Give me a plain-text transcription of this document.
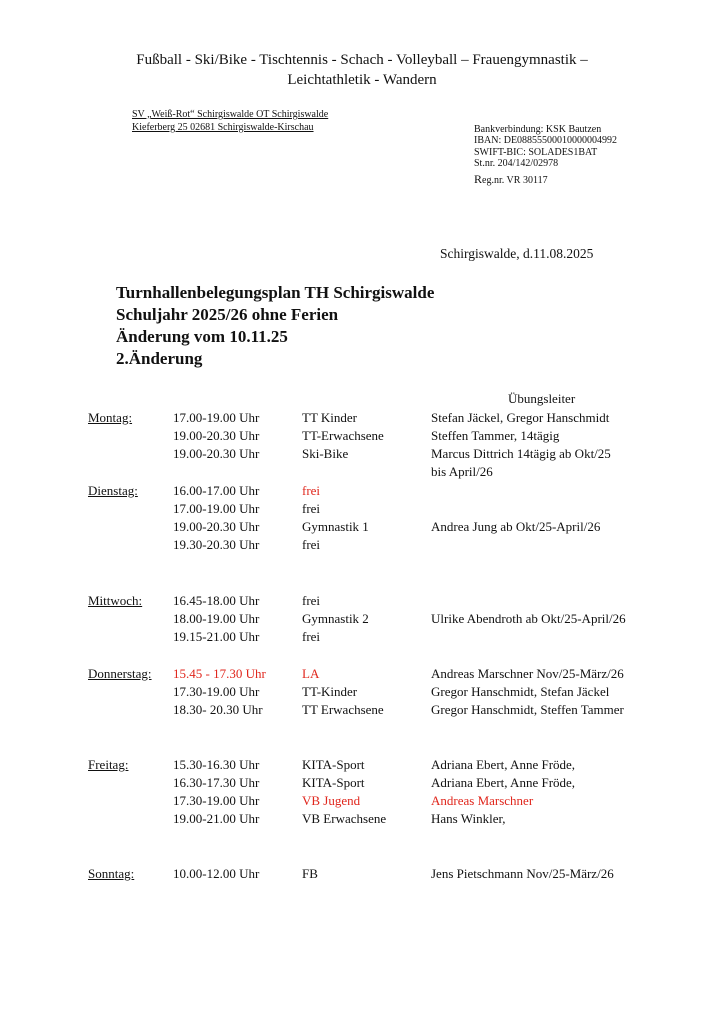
Fußball - Ski/Bike - Tischtennis - Schach - Volleyball – Frauengymnastik –
Leichtathletik - Wandern
SV „Weiß-Rot“ Schirgiswalde OT Schirgiswalde
Kieferberg 25 02681 Schirgiswalde-Kirschau	Bankverbindung: KSK Bautzen
IBAN: DE08855500010000004992
SWIFT-BIC: SOLADES1BAT
St.nr. 204/142/02978
Reg.nr. VR 30117
Schirgiswalde, d.11.08.2025
Turnhallenbelegungsplan TH Schirgiswalde
Schuljahr 2025/26 ohne Ferien
Änderung vom 10.11.25
2.Änderung
Übungsleiter
Montag:	17.00-19.00 Uhr	TT Kinder	Stefan Jäckel, Gregor Hanschmidt
19.00-20.30 Uhr	TT-Erwachsene	Steffen Tammer, 14tägig
19.00-20.30 Uhr	Ski-Bike	Marcus Dittrich 14tägig ab Okt/25
bis April/26
Dienstag:	16.00-17.00 Uhr	frei
17.00-19.00 Uhr	frei
19.00-20.30 Uhr	Gymnastik 1	Andrea Jung ab Okt/25-April/26
19.30-20.30 Uhr	frei
Mittwoch: 16.45-18.00 Uhr	frei
18.00-19.00 Uhr	Gymnastik 2	Ulrike Abendroth ab Okt/25-April/26
19.15-21.00 Uhr	frei
Donnerstag: 15.45 - 17.30 Uhr	LA	Andreas Marschner Nov/25-März/26
17.30-19.00 Uhr	TT-Kinder	Gregor Hanschmidt, Stefan Jäckel
18.30- 20.30 Uhr	TT Erwachsene	Gregor Hanschmidt, Steffen Tammer
Freitag:	15.30-16.30 Uhr	KITA-Sport	Adriana Ebert, Anne Fröde,
16.30-17.30 Uhr	KITA-Sport	Adriana Ebert, Anne Fröde,
17.30-19.00 Uhr	VB Jugend	Andreas Marschner
19.00-21.00 Uhr	VB Erwachsene	Hans Winkler,
Sonntag:	10.00-12.00 Uhr	FB	Jens Pietschmann Nov/25-März/26
